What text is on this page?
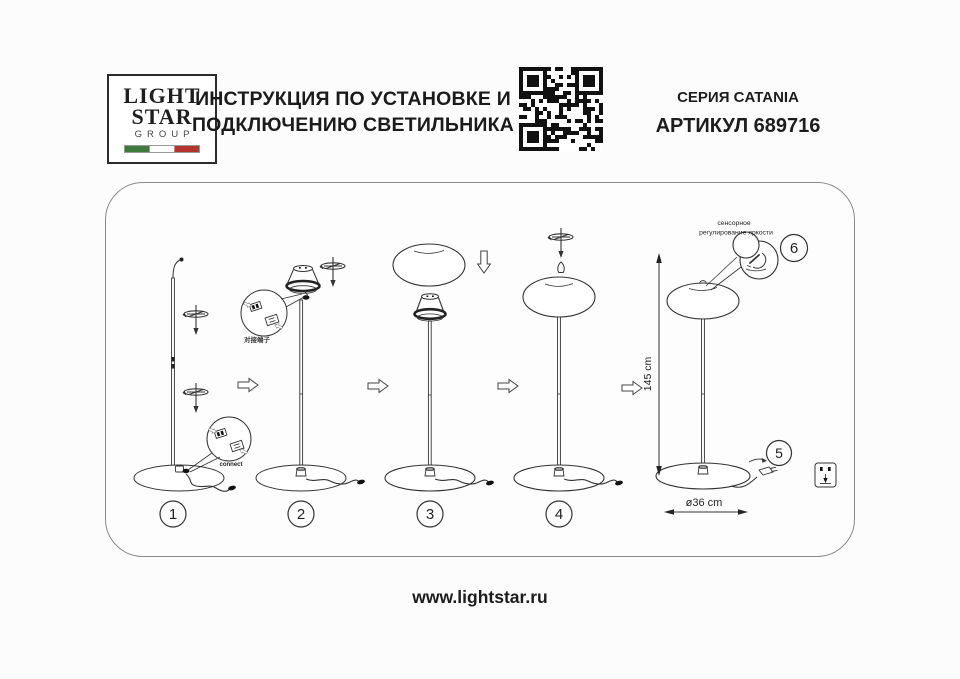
LIGHT
STAR
GROUP
ИНСТРУКЦИЯ ПО УСТАНОВКЕ И
ПОДКЛЮЧЕНИЮ СВЕТИЛЬНИКА
СЕРИЯ CATANIA
АРТИКУЛ 689716
connect
1
对接端子
2	3	4
сенсорное
регулирование яркости
6
145 cm
ø36 cm
5
www.lightstar.ru
